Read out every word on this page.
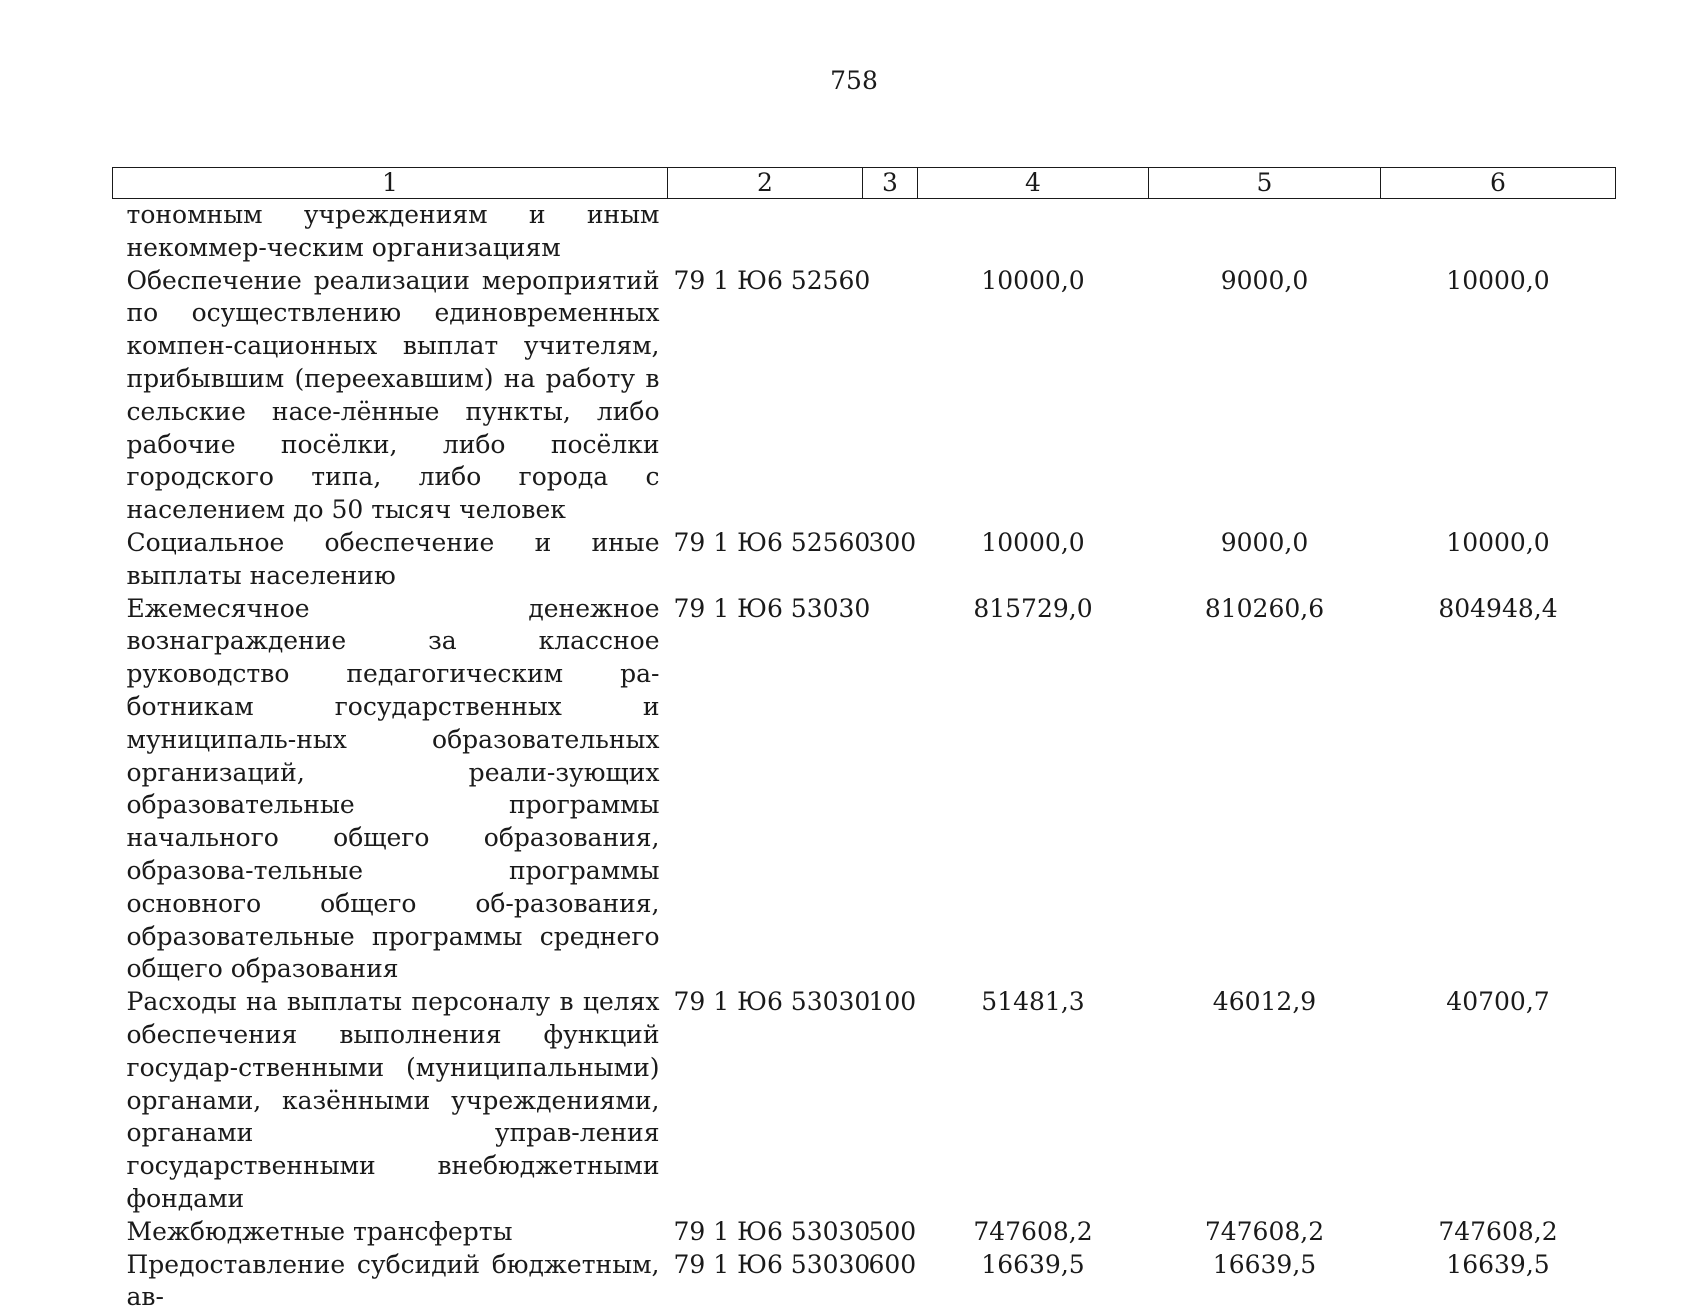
758
1	2	3	4	5	6
тономным учреждениям и иным некоммер-ческим организациям					
Обеспечение реализации мероприятий по осуществлению единовременных компен-сационных выплат учителям, прибывшим (переехавшим) на работу в сельские насе-лённые пункты, либо рабочие посёлки, либо посёлки городского типа, либо города с населением до 50 тысяч человек	79 1 Ю6 52560		10000,0	9000,0	10000,0
Социальное обеспечение и иные выплаты населению	79 1 Ю6 52560	300	10000,0	9000,0	10000,0
Ежемесячное денежное вознаграждение за классное руководство педагогическим ра-ботникам государственных и муниципаль-ных образовательных организаций, реали-зующих образовательные программы начального общего образования, образова-тельные программы основного общего об-разования, образовательные программы среднего общего образования	79 1 Ю6 53030		815729,0	810260,6	804948,4
Расходы на выплаты персоналу в целях обеспечения выполнения функций государ-ственными (муниципальными) органами, казёнными учреждениями, органами управ-ления государственными внебюджетными фондами	79 1 Ю6 53030	100	51481,3	46012,9	40700,7
Межбюджетные трансферты	79 1 Ю6 53030	500	747608,2	747608,2	747608,2
Предоставление субсидий бюджетным, ав-	79 1 Ю6 53030	600	16639,5	16639,5	16639,5
